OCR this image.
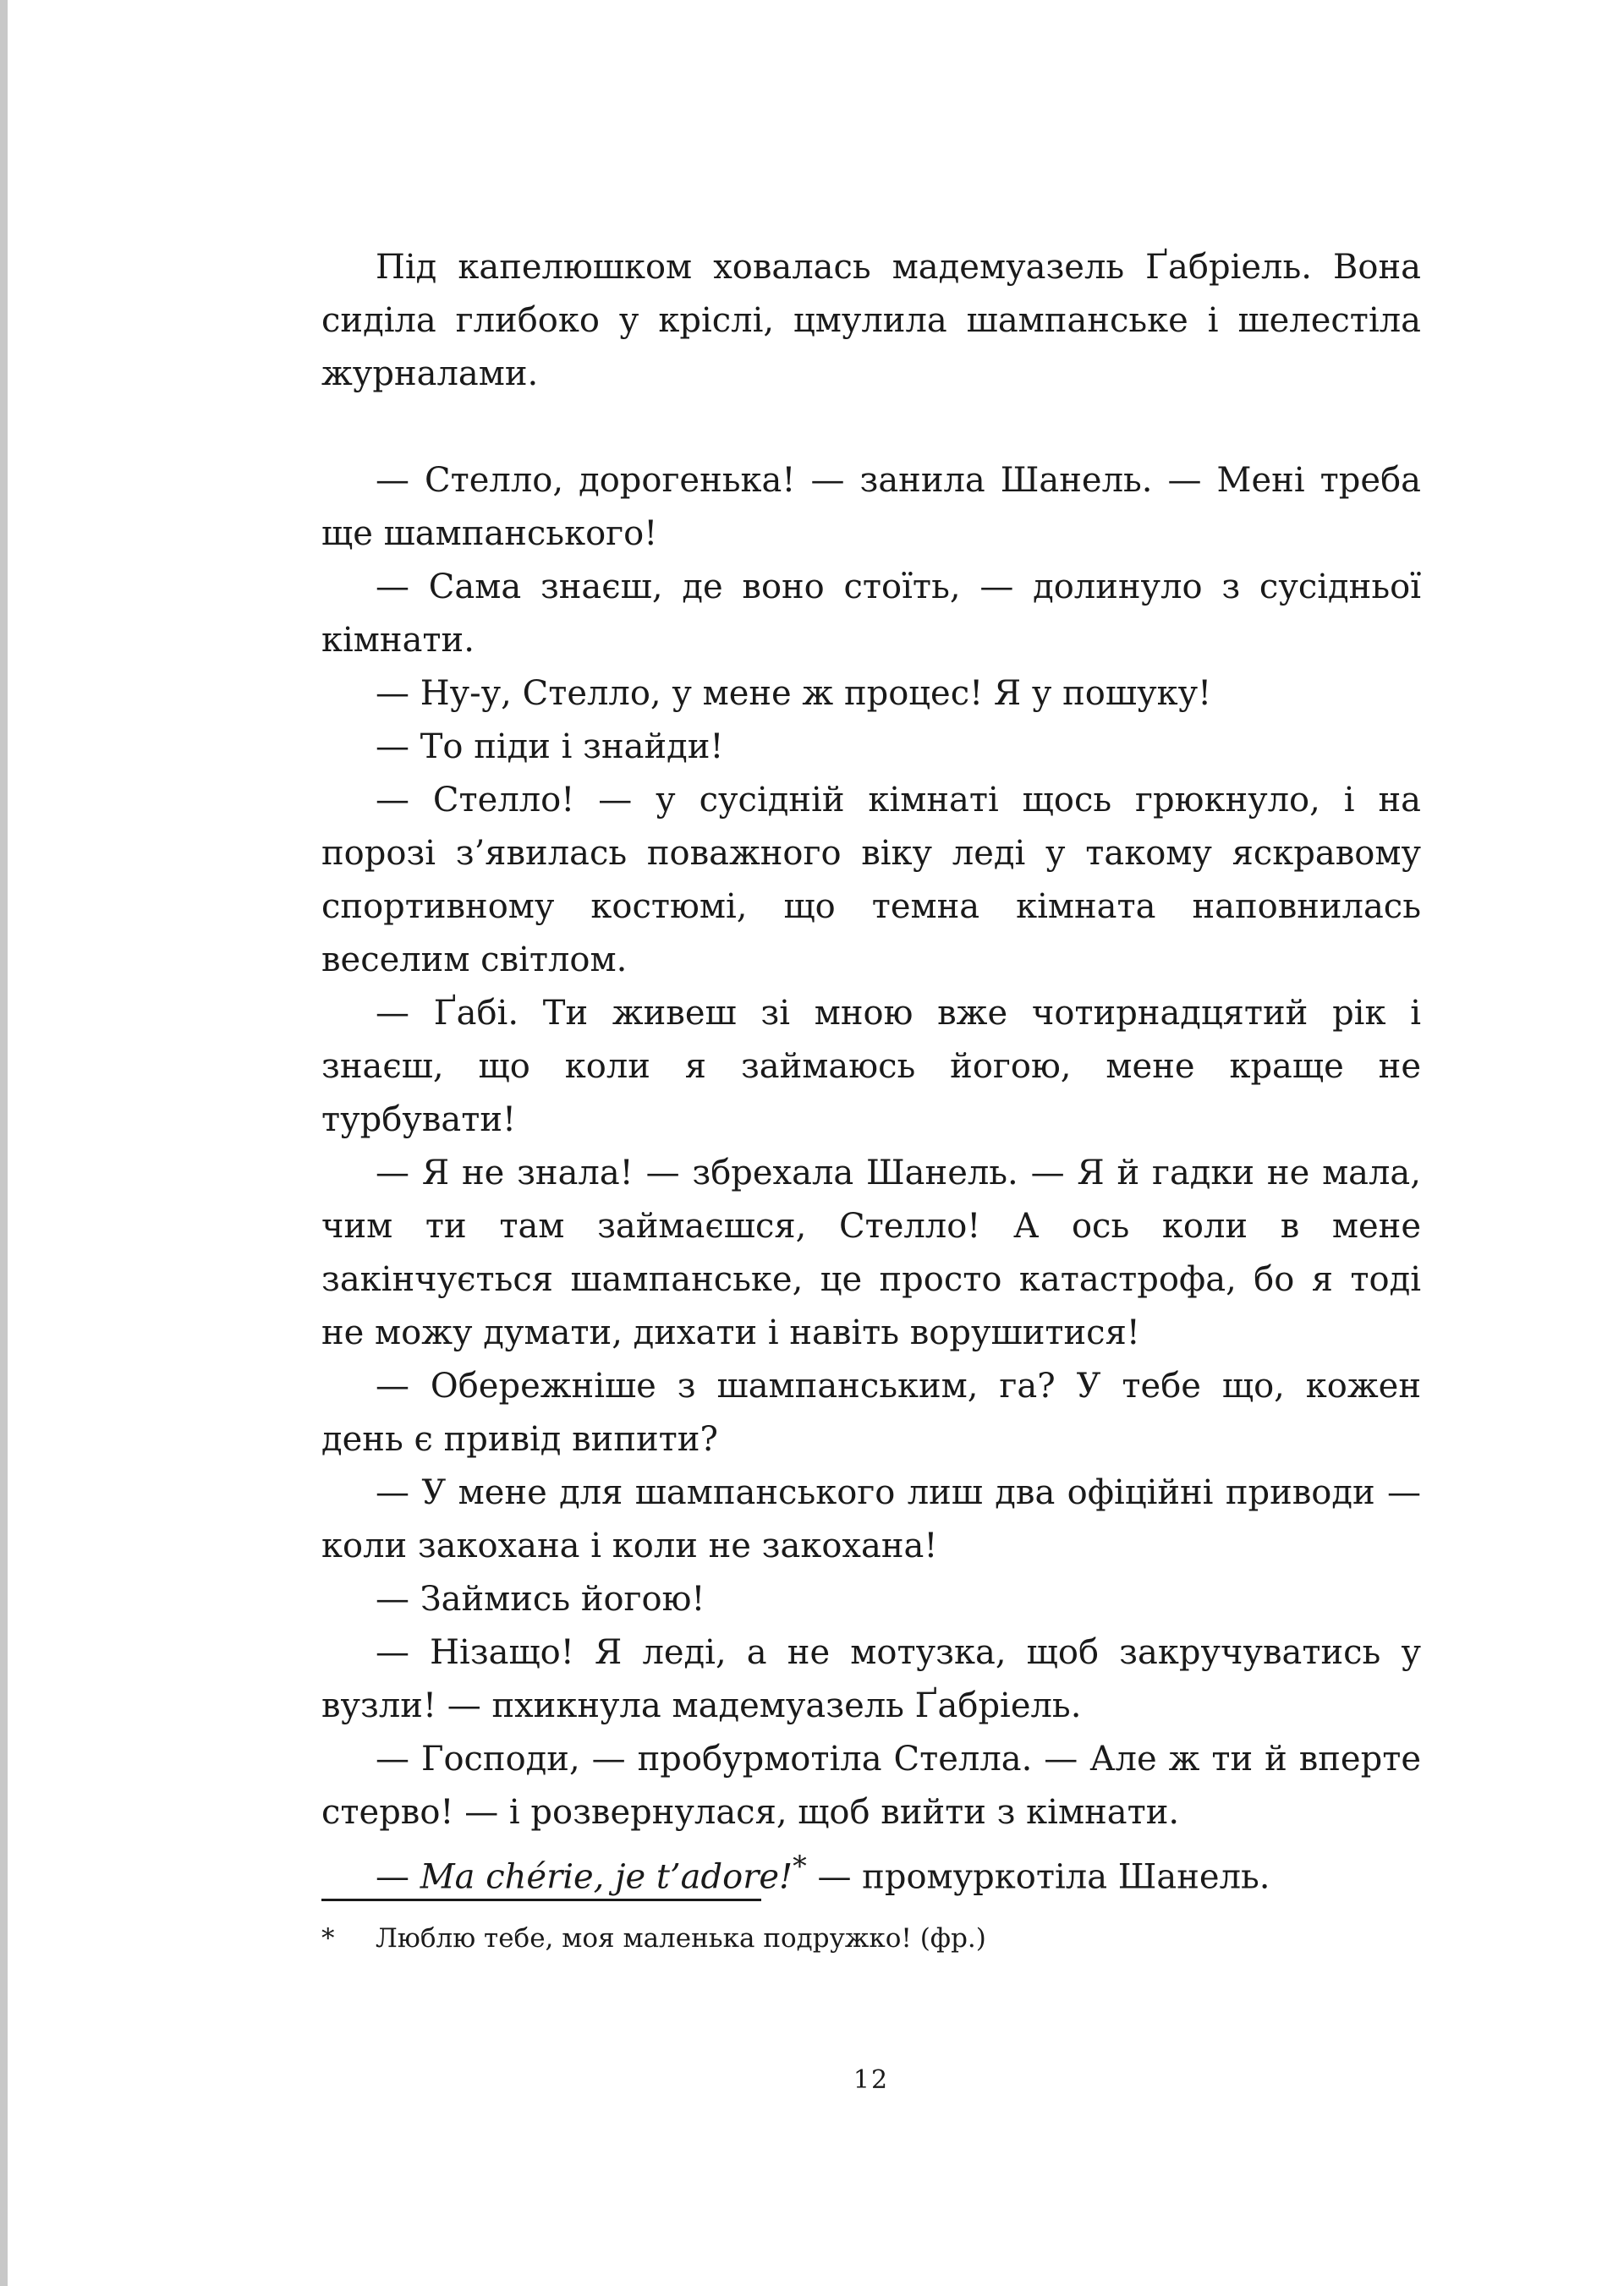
Під капелюшком ховалась мадемуазель Ґабріель. Вона сиділа глибоко у кріслі, цмулила шампанське і шелестіла журналами.

— Стелло, дорогенька! — занила Шанель. — Мені треба ще шампанського!

— Сама знаєш, де воно стоїть, — долинуло з сусідньої кімнати.

— Ну-у, Стелло, у мене ж процес! Я у пошуку!

— То піди і знайди!

— Стелло! — у сусідній кімнаті щось грюкнуло, і на порозі з’явилась поважного віку леді у такому яскравому спортивному костюмі, що темна кімната наповнилась веселим світлом.

— Ґабі. Ти живеш зі мною вже чотирнадцятий рік і знаєш, що коли я займаюсь йогою, мене краще не турбувати!

— Я не знала! — збрехала Шанель. — Я й гадки не мала, чим ти там займаєшся, Стелло! А ось коли в мене закінчується шампанське, це просто катастрофа, бо я тоді не можу думати, дихати і навіть ворушитися!

— Обережніше з шампанським, га? У тебе що, кожен день є привід випити?

— У мене для шампанського лиш два офіційні приводи — коли закохана і коли не закохана!

— Займись йогою!

— Нізащо! Я леді, а не мотузка, щоб закручуватись у вузли! — пхикнула мадемуазель Ґабріель.

— Господи, — пробурмотіла Стелла. — Але ж ти й вперте стерво! — і розвернулася, щоб вийти з кімнати.

— Ma chérie, je t’adore!* — промуркотіла Шанель.

* Люблю тебе, моя маленька подружко! (фр.)
12
